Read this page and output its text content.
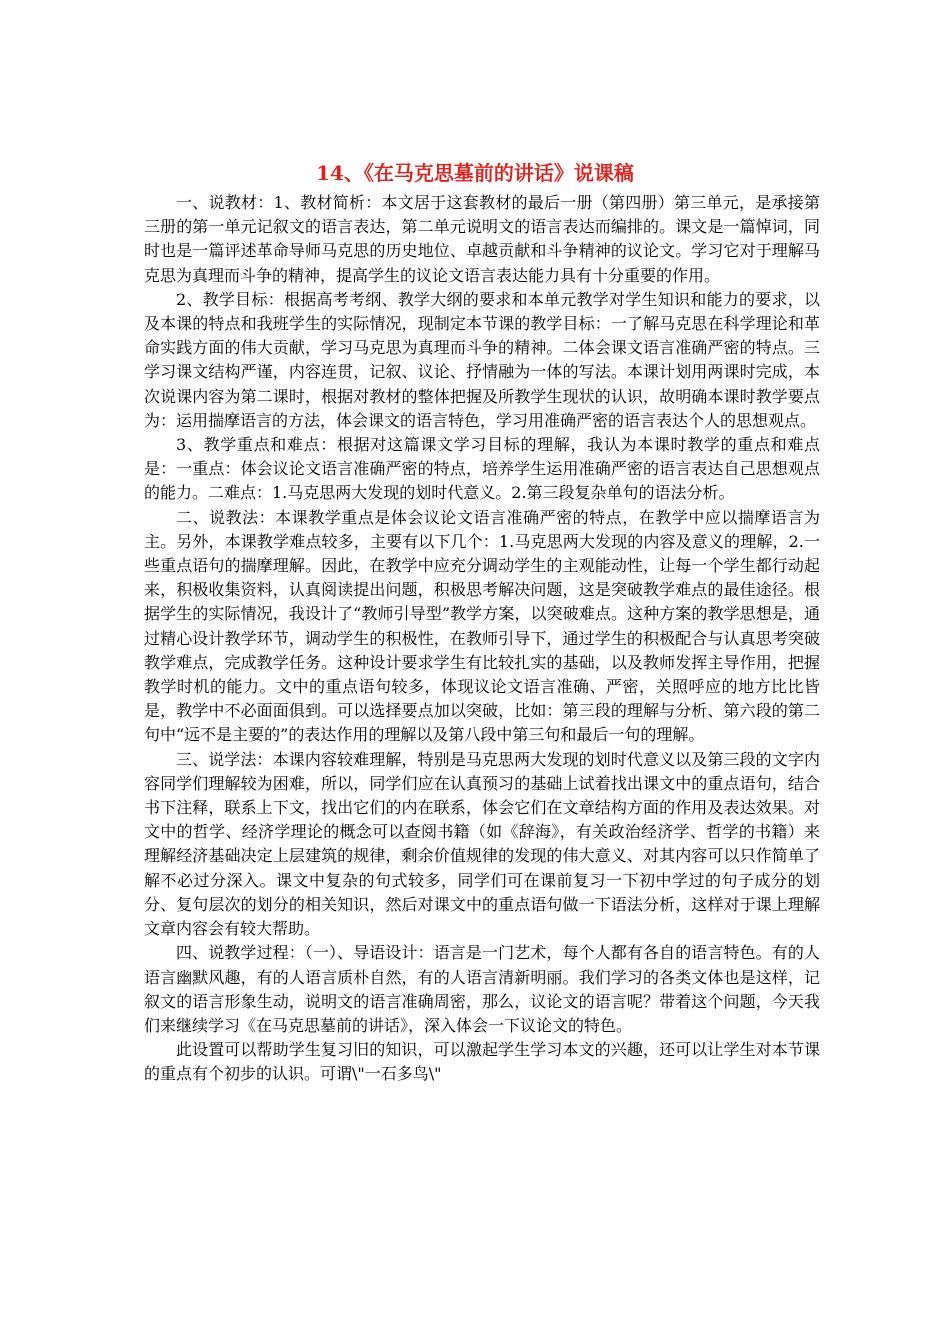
14、《在马克思墓前的讲话》说课稿

一、说教材：1、教材简析：本文居于这套教材的最后一册（第四册）第三单元，是承接第三册的第一单元记叙文的语言表达，第二单元说明文的语言表达而编排的。课文是一篇悼词，同时也是一篇评述革命导师马克思的历史地位、卓越贡献和斗争精神的议论文。学习它对于理解马克思为真理而斗争的精神，提高学生的议论文语言表达能力具有十分重要的作用。

2、教学目标：根据高考考纲、教学大纲的要求和本单元教学对学生知识和能力的要求，以及本课的特点和我班学生的实际情况，现制定本节课的教学目标：一了解马克思在科学理论和革命实践方面的伟大贡献，学习马克思为真理而斗争的精神。二体会课文语言准确严密的特点。三学习课文结构严谨，内容连贯，记叙、议论、抒情融为一体的写法。本课计划用两课时完成，本次说课内容为第二课时，根据对教材的整体把握及所教学生现状的认识，故明确本课时教学要点为：运用揣摩语言的方法，体会课文的语言特色，学习用准确严密的语言表达个人的思想观点。

3、教学重点和难点：根据对这篇课文学习目标的理解，我认为本课时教学的重点和难点是：一重点：体会议论文语言准确严密的特点，培养学生运用准确严密的语言表达自己思想观点的能力。二难点：1.马克思两大发现的划时代意义。2.第三段复杂单句的语法分析。

二、说教法：本课教学重点是体会议论文语言准确严密的特点，在教学中应以揣摩语言为主。另外，本课教学难点较多，主要有以下几个：1.马克思两大发现的内容及意义的理解，2.一些重点语句的揣摩理解。因此，在教学中应充分调动学生的主观能动性，让每一个学生都行动起来，积极收集资料，认真阅读提出问题，积极思考解决问题，这是突破教学难点的最佳途径。根据学生的实际情况，我设计了“教师引导型”教学方案，以突破难点。这种方案的教学思想是，通过精心设计教学环节，调动学生的积极性，在教师引导下，通过学生的积极配合与认真思考突破教学难点，完成教学任务。这种设计要求学生有比较扎实的基础，以及教师发挥主导作用，把握教学时机的能力。文中的重点语句较多，体现议论文语言准确、严密，关照呼应的地方比比皆是，教学中不必面面俱到。可以选择要点加以突破，比如：第三段的理解与分析、第六段的第二句中“远不是主要的”的表达作用的理解以及第八段中第三句和最后一句的理解。

三、说学法：本课内容较难理解，特别是马克思两大发现的划时代意义以及第三段的文字内容同学们理解较为困难，所以，同学们应在认真预习的基础上试着找出课文中的重点语句，结合书下注释，联系上下文，找出它们的内在联系，体会它们在文章结构方面的作用及表达效果。对文中的哲学、经济学理论的概念可以查阅书籍（如《辞海》，有关政治经济学、哲学的书籍）来理解经济基础决定上层建筑的规律，剩余价值规律的发现的伟大意义、对其内容可以只作简单了解不必过分深入。课文中复杂的句式较多，同学们可在课前复习一下初中学过的句子成分的划分、复句层次的划分的相关知识，然后对课文中的重点语句做一下语法分析，这样对于课上理解文章内容会有较大帮助。

四、说教学过程：（一）、导语设计：语言是一门艺术，每个人都有各自的语言特色。有的人语言幽默风趣，有的人语言质朴自然，有的人语言清新明丽。我们学习的各类文体也是这样，记叙文的语言形象生动，说明文的语言准确周密，那么，议论文的语言呢？带着这个问题，今天我们来继续学习《在马克思墓前的讲话》，深入体会一下议论文的特色。

此设置可以帮助学生复习旧的知识，可以激起学生学习本文的兴趣，还可以让学生对本节课的重点有个初步的认识。可谓\"一石多鸟\"
